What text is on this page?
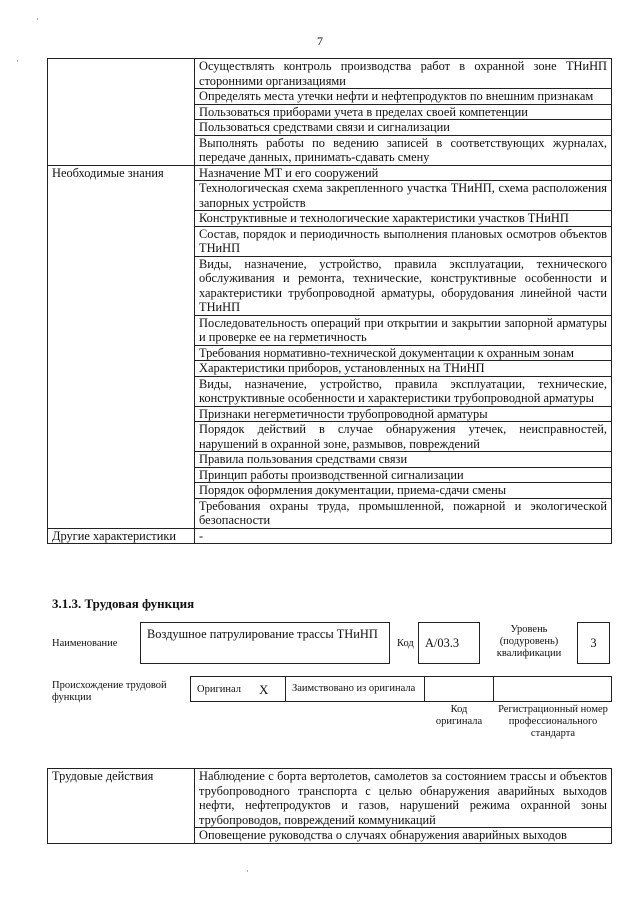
7
	Осуществлять контроль производства работ в охранной зоне ТНиНП сторонними организациями
	Определять места утечки нефти и нефтепродуктов по внешним признакам
	Пользоваться приборами учета в пределах своей компетенции
	Пользоваться средствами связи и сигнализации
	Выполнять работы по ведению записей в соответствующих журналах, передаче данных, принимать-сдавать смену
Необходимые знания	Назначение МТ и его сооружений
	Технологическая схема закрепленного участка ТНиНП, схема расположения запорных устройств
	Конструктивные и технологические характеристики участков ТНиНП
	Состав, порядок и периодичность выполнения плановых осмотров объектов ТНиНП
	Виды, назначение, устройство, правила эксплуатации, технического обслуживания и ремонта, технические, конструктивные особенности и характеристики трубопроводной арматуры, оборудования линейной части ТНиНП
	Последовательность операций при открытии и закрытии запорной арматуры и проверке ее на герметичность
	Требования нормативно-технической документации к охранным зонам
	Характеристики приборов, установленных на ТНиНП
	Виды, назначение, устройство, правила эксплуатации, технические, конструктивные особенности и характеристики трубопроводной арматуры
	Признаки негерметичности трубопроводной арматуры
	Порядок действий в случае обнаружения утечек, неисправностей, нарушений в охранной зоне, размывов, повреждений
	Правила пользования средствами связи
	Принцип работы производственной сигнализации
	Порядок оформления документации, приема-сдачи смены
	Требования охраны труда, промышленной, пожарной и экологической безопасности
Другие характеристики	-
3.1.3. Трудовая функция
Наименование
Воздушное патрулирование трассы ТНиНП
Код А/03.3
Уровень (подуровень) квалификации
3
Происхождение трудовой функции
Оригинал X	Заимствовано из оригинала
Код оригинала
Регистрационный номер профессионального стандарта
Трудовые действия	Наблюдение с борта вертолетов, самолетов за состоянием трассы и объектов трубопроводного транспорта с целью обнаружения аварийных выходов нефти, нефтепродуктов и газов, нарушений режима охранной зоны трубопроводов, повреждений коммуникаций
Оповещение руководства о случаях обнаружения аварийных выходов
·
·
·
